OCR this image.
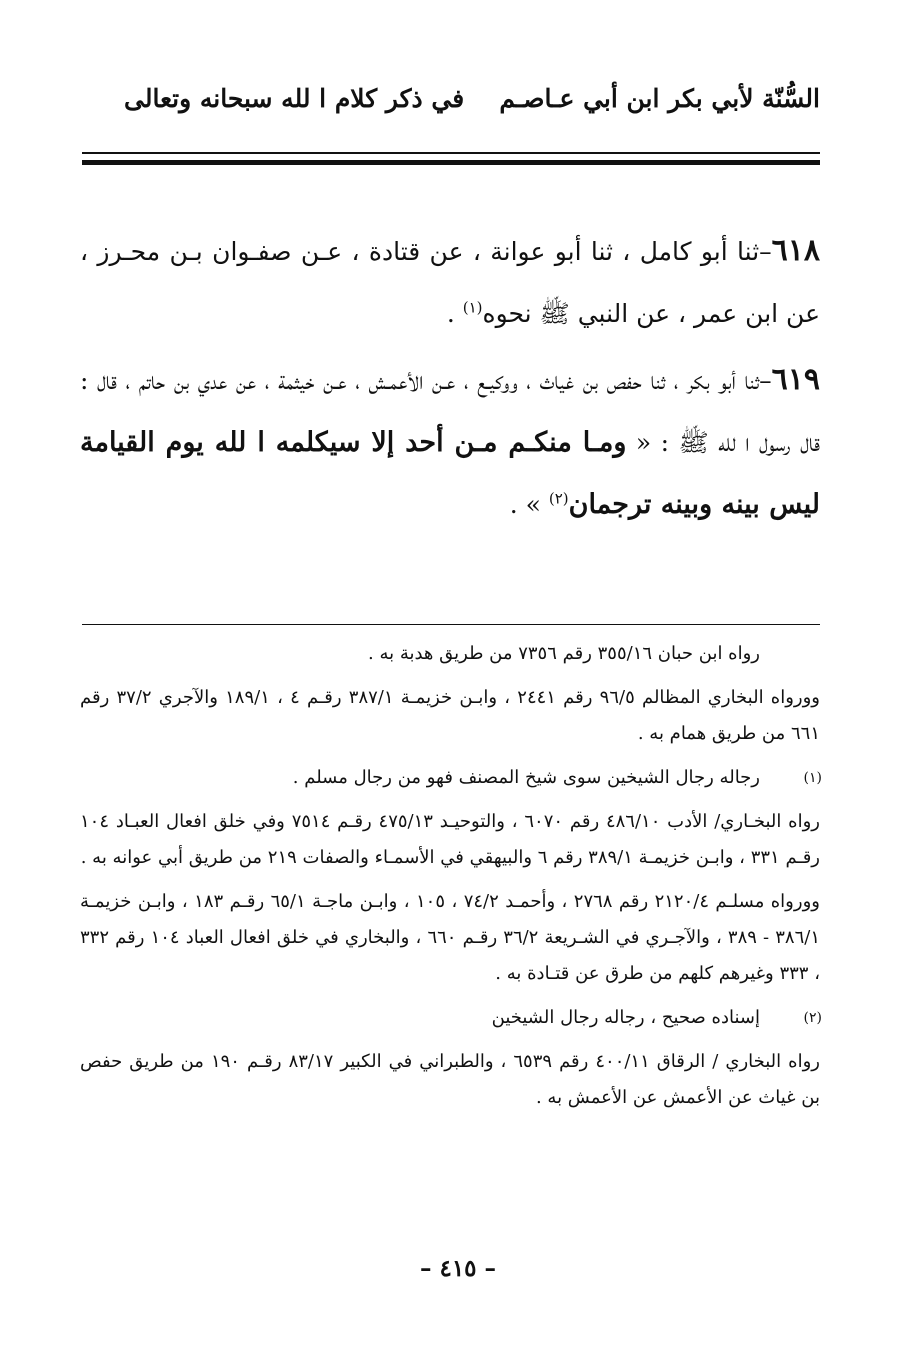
السُّنّة لأبي بكر ابن أبي عـاصـم
في ذكر كلام ا لله سبحانه وتعالى

٦١٨–ثنا أبو كامل ، ثنا أبو عوانة ، عن قتادة ، عـن صفـوان بـن محـرز ، عن ابن عمر ، عن النبي ﷺ نحوه$^{(١)}$ .

٦١٩–ثنا أبو بكر ، ثنا حفص بن غياث ، ووكيـع ، عـن الأعمـش ، عـن خيثمة ، عن عدي بن حاتم ، قال : قال رسول ا لله ﷺ : « ومـا منكـم مـن أحد إلا سيكلمه ا لله يوم القيامة ليس بينه وبينه ترجمان$^{(٢)}$ » .

رواه ابن حبان ٣٥٥/١٦ رقم ٧٣٥٦ من طريق هدبة به .

وورواه البخاري المظالم ٩٦/٥ رقم ٢٤٤١ ، وابـن خزيمـة ٣٨٧/١ رقـم ٤ ، ١٨٩/١ والآجري ٣٧/٢ رقم ٦٦١ من طريق همام به .

(١)

رجاله رجال الشيخين سوى شيخ المصنف فهو من رجال مسلم .

رواه البخـاري/ الأدب ٤٨٦/١٠ رقم ٦٠٧٠ ، والتوحيـد ٤٧٥/١٣ رقـم ٧٥١٤ وفي خلق افعال العبـاد ١٠٤ رقـم ٣٣١ ، وابـن خزيمـة ٣٨٩/١ رقم ٦ والبيهقي في الأسمـاء والصفات ٢١٩ من طريق أبي عوانه به .

وورواه مسلـم ٢١٢٠/٤ رقم ٢٧٦٨ ، وأحمـد ٧٤/٢ ، ١٠٥ ، وابـن ماجـة ٦٥/١ رقـم ١٨٣ ، وابـن خزيمـة ٣٨٦/١ - ٣٨٩ ، والآجـري في الشـريعة ٣٦/٢ رقـم ٦٦٠ ، والبخاري في خلق افعال العباد ١٠٤ رقم ٣٣٢ ، ٣٣٣ وغيرهم كلهم من طرق عن قتـادة به .

(٢)

إسناده صحيح ، رجاله رجال الشيخين

رواه البخاري / الرقاق ٤٠٠/١١ رقم ٦٥٣٩ ، والطبراني في الكبير ٨٣/١٧ رقـم ١٩٠ من طريق حفص بن غياث عن الأعمش عن الأعمش به .

– ٤١٥ –
